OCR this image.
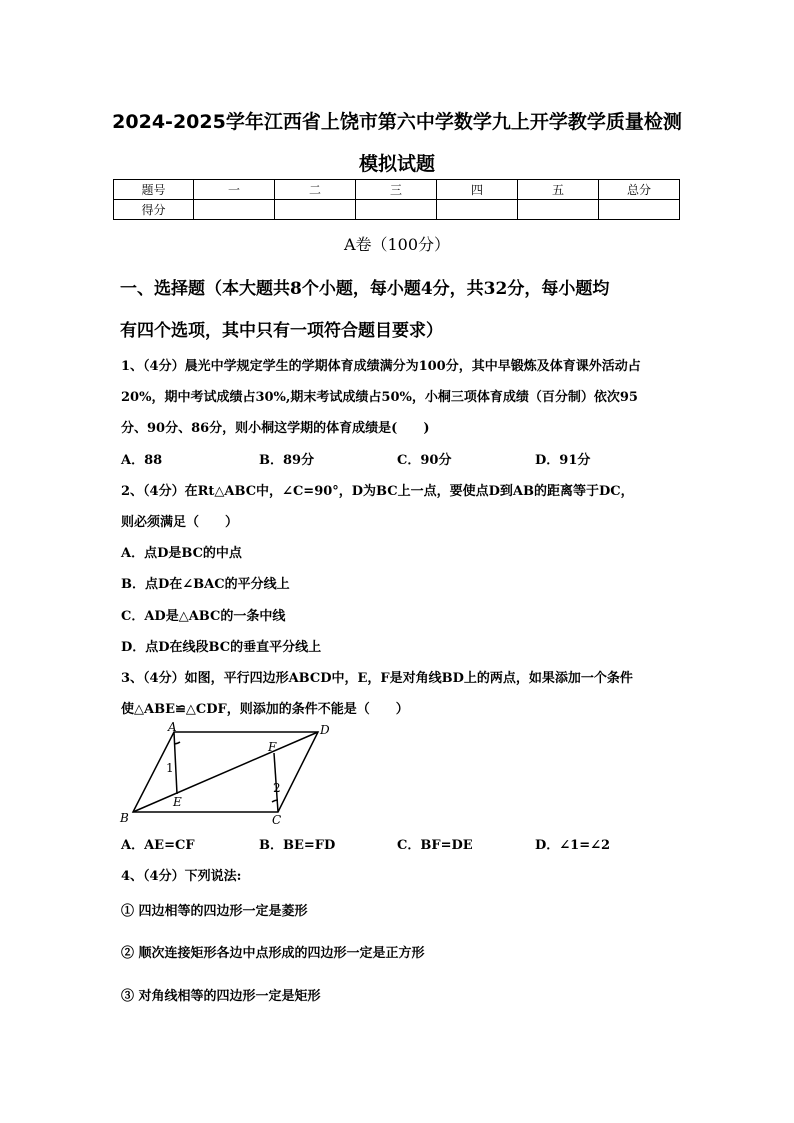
2024-2025学年江西省上饶市第六中学数学九上开学教学质量检测
模拟试题
题号	一	二	三	四	五	总分
得分						
A卷（100分）
一、选择题（本大题共8个小题，每小题4分，共32分，每小题均
有四个选项，其中只有一项符合题目要求）
1、（4分）晨光中学规定学生的学期体育成绩满分为100分，其中早锻炼及体育课外活动占
20%，期中考试成绩占30%,期末考试成绩占50%，小桐三项体育成绩（百分制）依次95
分、90分、86分，则小桐这学期的体育成绩是(　　)
A．88	B．89分	C．90分	D．91分
2、（4分）在Rt△ABC中，∠C=90°，D为BC上一点，要使点D到AB的距离等于DC，
则必须满足（　　）
A．点D是BC的中点
B．点D在∠BAC的平分线上
C．AD是△ABC的一条中线
D．点D在线段BC的垂直平分线上
3、（4分）如图，平行四边形ABCD中，E，F是对角线BD上的两点，如果添加一个条件
使△ABE≌△CDF，则添加的条件不能是（　　）
A
B	C
D
E
F
1
2
A．AE=CF	B．BE=FD	C．BF=DE	D．∠1=∠2
4、（4分）下列说法:
① 四边相等的四边形一定是菱形
② 顺次连接矩形各边中点形成的四边形一定是正方形
③ 对角线相等的四边形一定是矩形
